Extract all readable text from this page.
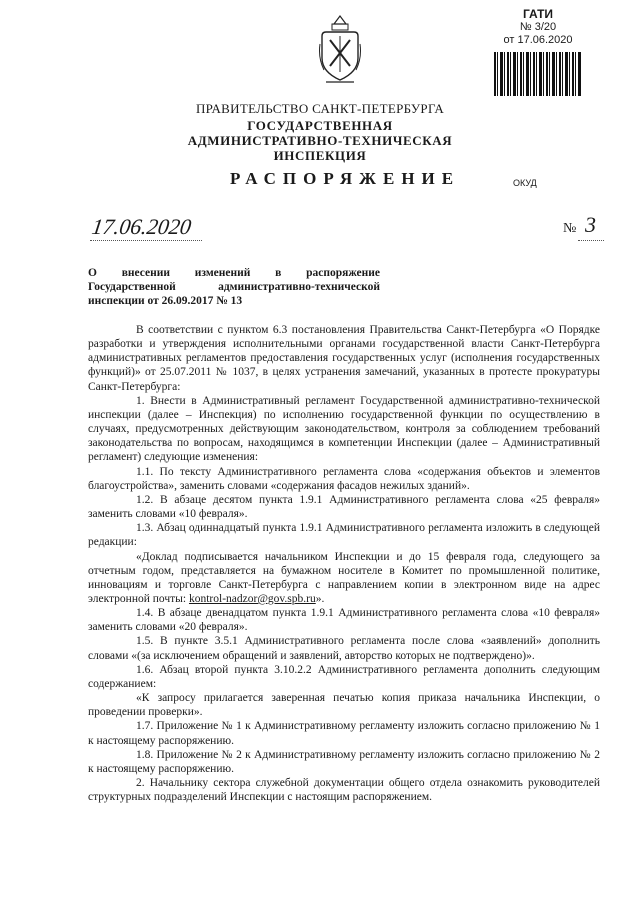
ГАТИ
№ 3/20
от 17.06.2020
ПРАВИТЕЛЬСТВО САНКТ-ПЕТЕРБУРГА
ГОСУДАРСТВЕННАЯ
АДМИНИСТРАТИВНО-ТЕХНИЧЕСКАЯ
ИНСПЕКЦИЯ
РАСПОРЯЖЕНИЕ	ОКУД
17.06.2020	№ 3
О внесении изменений в распоряжение Государственной административно-технической инспекции от 26.09.2017 № 13

В соответствии с пунктом 6.3 постановления Правительства Санкт-Петербурга «О Порядке разработки и утверждения исполнительными органами государственной власти Санкт-Петербурга административных регламентов предоставления государственных услуг (исполнения государственных функций)» от 25.07.2011 № 1037, в целях устранения замечаний, указанных в протесте прокуратуры Санкт-Петербурга:

1. Внести в Административный регламент Государственной административно-технической инспекции (далее – Инспекция) по исполнению государственной функции по осуществлению в случаях, предусмотренных действующим законодательством, контроля за соблюдением требований законодательства по вопросам, находящимся в компетенции Инспекции (далее – Административный регламент) следующие изменения:

1.1. По тексту Административного регламента слова «содержания объектов и элементов благоустройства», заменить словами «содержания фасадов нежилых зданий».

1.2. В абзаце десятом пункта 1.9.1 Административного регламента слова «25 февраля» заменить словами «10 февраля».

1.3. Абзац одиннадцатый пункта 1.9.1 Административного регламента изложить в следующей редакции:

«Доклад подписывается начальником Инспекции и до 15 февраля года, следующего за отчетным годом, представляется на бумажном носителе в Комитет по промышленной политике, инновациям и торговле Санкт-Петербурга с направлением копии в электронном виде на адрес электронной почты: kontrol-nadzor@gov.spb.ru».

1.4. В абзаце двенадцатом пункта 1.9.1 Административного регламента слова «10 февраля» заменить словами «20 февраля».

1.5. В пункте 3.5.1 Административного регламента после слова «заявлений» дополнить словами «(за исключением обращений и заявлений, авторство которых не подтверждено)».

1.6. Абзац второй пункта 3.10.2.2 Административного регламента дополнить следующим содержанием:

«К запросу прилагается заверенная печатью копия приказа начальника Инспекции, о проведении проверки».

1.7. Приложение № 1 к Административному регламенту изложить согласно приложению № 1 к настоящему распоряжению.

1.8. Приложение № 2 к Административному регламенту изложить согласно приложению № 2 к настоящему распоряжению.

2. Начальнику сектора служебной документации общего отдела ознакомить руководителей структурных подразделений Инспекции с настоящим распоряжением.
